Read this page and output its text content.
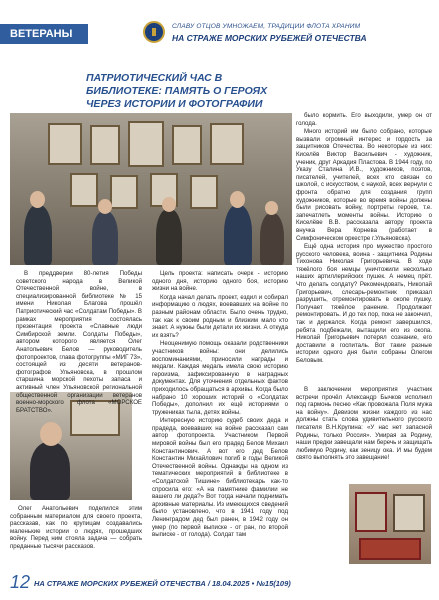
ВЕТЕРАНЫ
СЛАВУ ОТЦОВ УМНОЖАЕМ, ТРАДИЦИИ ФЛОТА ХРАНИМ
НА СТРАЖЕ МОРСКИХ РУБЕЖЕЙ ОТЕЧЕСТВА
ПАТРИОТИЧЕСКИЙ ЧАС В БИБЛИОТЕКЕ: ПАМЯТЬ О ГЕРОЯХ ЧЕРЕЗ ИСТОРИИ И ФОТОГРАФИИ

В преддверии 80-летия Победы советского народа в Великой Отечественной войне, в специализированной библиотеке № 15 имени Николая Благова прошёл Патриотический час «Солдатам Победы». В рамках мероприятия состоялась презентация проекта «Славные люди Симбирской земли. Солдаты Победы», автором которого является Олег Анатольевич Белов — руководитель фотопроектов, глава фотогруппы «МИГ 73», состоящей из десяти ветеранов-фотографов Ульяновска, в прошлом старшина морской пехоты запаса и активный член Ульяновской региональной общественной организации ветеранов военно-морского флота «МОРСКОЕ БРАТСТВО».

Олег Анатольевич поделился этим собранным материалом для своего проекта, рассказав, как по крупицам создавались маленькие истории о людях, прошедших войну. Перед ним стояла задача — собрать преданные тысячи рассказов.

Цель проекта: написать очерк - историю одного дня, историю одного боя, историю жизни на войне.

Когда начал делать проект, ездил и собирал информацию о людях, воевавших на войне по разным районам области. Было очень трудно, так как к своим родным и близким мало кто знает. А нужны были детали их жизни. А откуда их взять?

Неоценимую помощь оказали родственники участников войны: они делились воспоминаниями, приносили награды и медали. Каждая медаль имела свою историю героизма, зафиксированную в наградных документах. Для уточнения отдельных фактов приходилось обращаться в архивы. Когда было набрано 10 хороших историй о «Солдатах Победы», дополнил их ещё историями о тружениках тыла, детях войны.

Интересную историю судеб своих деда и прадеда, воевавших на войне рассказал сам автор фотопроекта. Участником Первой мировой войны был его прадед Белов Михаил Константинович. А вот его дед Белов Константин Михайлович погиб в годы Великой Отечественной войны. Однажды на одном из тематических мероприятий в библиотеке в «Солдатской Тишине» библиотекарь как-то спросила его: «А на памятнике фамилии не вашего ли деда?» Вот тогда начали поднимать архивные материалы. Из имеющихся сведений было установлено, что в 1941 году под Ленинградом дед был ранен, в 1942 году он умер (по первой выписке - от ран, по второй выписке - от голода). Солдат там

было кормить. Его выходили, умер он от голода.

Много историй им было собрано, которые вызвали огромный интерес и гордость за защитников Отечества. Во некоторые из них: Киселёв Виктор Васильевич - художник, ученик, друг Аркадия Пластова. В 1944 году, по Указу Сталина И.В., художников, поэтов, писателей, учителей, всех кто связан со школой, с искусством, с наукой, всех вернули с фронта обратно для создания групп художников, которые во время войны должны были рисовать войну, портреты героев, т.е. запечатлеть моменты войны. Историю о Киселёве В.В. рассказала автору проекта внучка Вера Корнева (работает в Симфоническом оркестре г.Ульяновска).

Ещё одна история про мужество простого русского человека, воина - защитника Родины Тихонова Николая Григорьевича. В ходе тяжёлого боя немцы уничтожили несколько наших артиллерийских пушек. А немец прёт. Что делать солдату? Рекомендовать, Николай Григорьевич, слесарь-ремонтник приказал разрушить, отремонтировать в окопе пушку. Получает тяжёлое ранение. Продолжает ремонтировать. И до тех пор, пока не закончил, так и держался. Когда ремонт завершился, ребята подбежали, вытащили его из окопа. Николай Григорьевич потерял сознание, его доставили в госпиталь. Вот такие разные истории одного дня были собраны Олегом Беловым.

В заключении мероприятия участник встречи прочёл Александр Бычков исполнил под гармонь песню «Как провожала Поля мужа на войну». Девизом жизни каждого из нас должны стать слова удивительного русского писателя В.Н.Крупина: «У нас нет запасной Родины, только Россия». Умирая за Родину, наши предки завещали нам беречь и защищать любимую Родину, как зеницу ока. И мы будем свято выполнять это завещание!

12 НА СТРАЖЕ МОРСКИХ РУБЕЖЕЙ ОТЕЧЕСТВА / 18.04.2025 • №15(109)
